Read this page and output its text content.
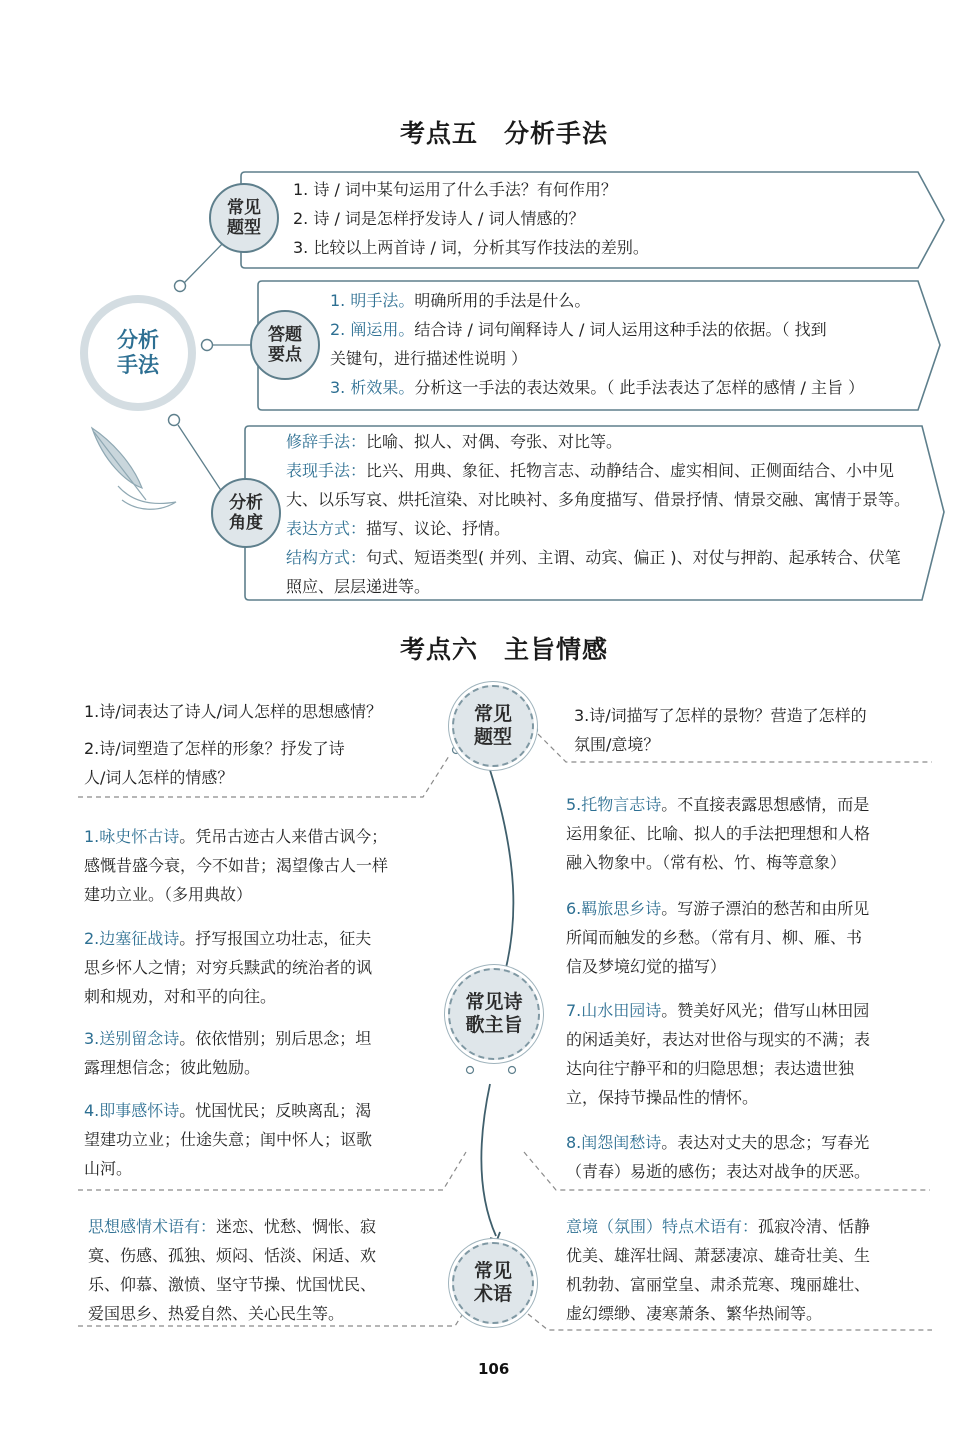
考点五　分析手法
分析
手法
常见
题型
答题
要点
分析
角度
1. 诗 / 词中某句运用了什么手法？有何作用？
2. 诗 / 词是怎样抒发诗人 / 词人情感的？
3. 比较以上两首诗 / 词，分析其写作技法的差别。
1. 明手法。明确所用的手法是什么。
2. 阐运用。结合诗 / 词句阐释诗人 / 词人运用这种手法的依据。（ 找到
关键句，进行描述性说明 ）
3. 析效果。分析这一手法的表达效果。（ 此手法表达了怎样的感情 / 主旨 ）
修辞手法：比喻、拟人、对偶、夸张、对比等。
表现手法：比兴、用典、象征、托物言志、动静结合、虚实相间、正侧面结合、小中见
大、以乐写哀、烘托渲染、对比映衬、多角度描写、借景抒情、情景交融、寓情于景等。
表达方式：描写、议论、抒情。
结构方式：句式、短语类型( 并列、主谓、动宾、偏正 )、对仗与押韵、起承转合、伏笔
照应、层层递进等。
考点六　主旨情感
常见
题型
常见诗
歌主旨
常见
术语
1.诗/词表达了诗人/词人怎样的思想感情？
2.诗/词塑造了怎样的形象？抒发了诗
人/词人怎样的情感？
3.诗/词描写了怎样的景物？营造了怎样的
氛围/意境？
1.咏史怀古诗。凭吊古迹古人来借古讽今；
感慨昔盛今衰，今不如昔；渴望像古人一样
建功立业。（多用典故）
2.边塞征战诗。抒写报国立功壮志，征夫
思乡怀人之情；对穷兵黩武的统治者的讽
刺和规劝，对和平的向往。
3.送别留念诗。依依惜别；别后思念；坦
露理想信念；彼此勉励。
4.即事感怀诗。忧国忧民；反映离乱；渴
望建功立业；仕途失意；闺中怀人；讴歌
山河。
5.托物言志诗。不直接表露思想感情，而是
运用象征、比喻、拟人的手法把理想和人格
融入物象中。（常有松、竹、梅等意象）
6.羁旅思乡诗。写游子漂泊的愁苦和由所见
所闻而触发的乡愁。（常有月、柳、雁、书
信及梦境幻觉的描写）
7.山水田园诗。赞美好风光；借写山林田园
的闲适美好，表达对世俗与现实的不满；表
达向往宁静平和的归隐思想；表达遗世独
立，保持节操品性的情怀。
8.闺怨闺愁诗。表达对丈夫的思念；写春光
（青春）易逝的感伤；表达对战争的厌恶。
思想感情术语有：迷恋、忧愁、惆怅、寂
寞、伤感、孤独、烦闷、恬淡、闲适、欢
乐、仰慕、激愤、坚守节操、忧国忧民、
爱国思乡、热爱自然、关心民生等。
意境（氛围）特点术语有：孤寂冷清、恬静
优美、雄浑壮阔、萧瑟凄凉、雄奇壮美、生
机勃勃、富丽堂皇、肃杀荒寒、瑰丽雄壮、
虚幻缥缈、凄寒萧条、繁华热闹等。
106
